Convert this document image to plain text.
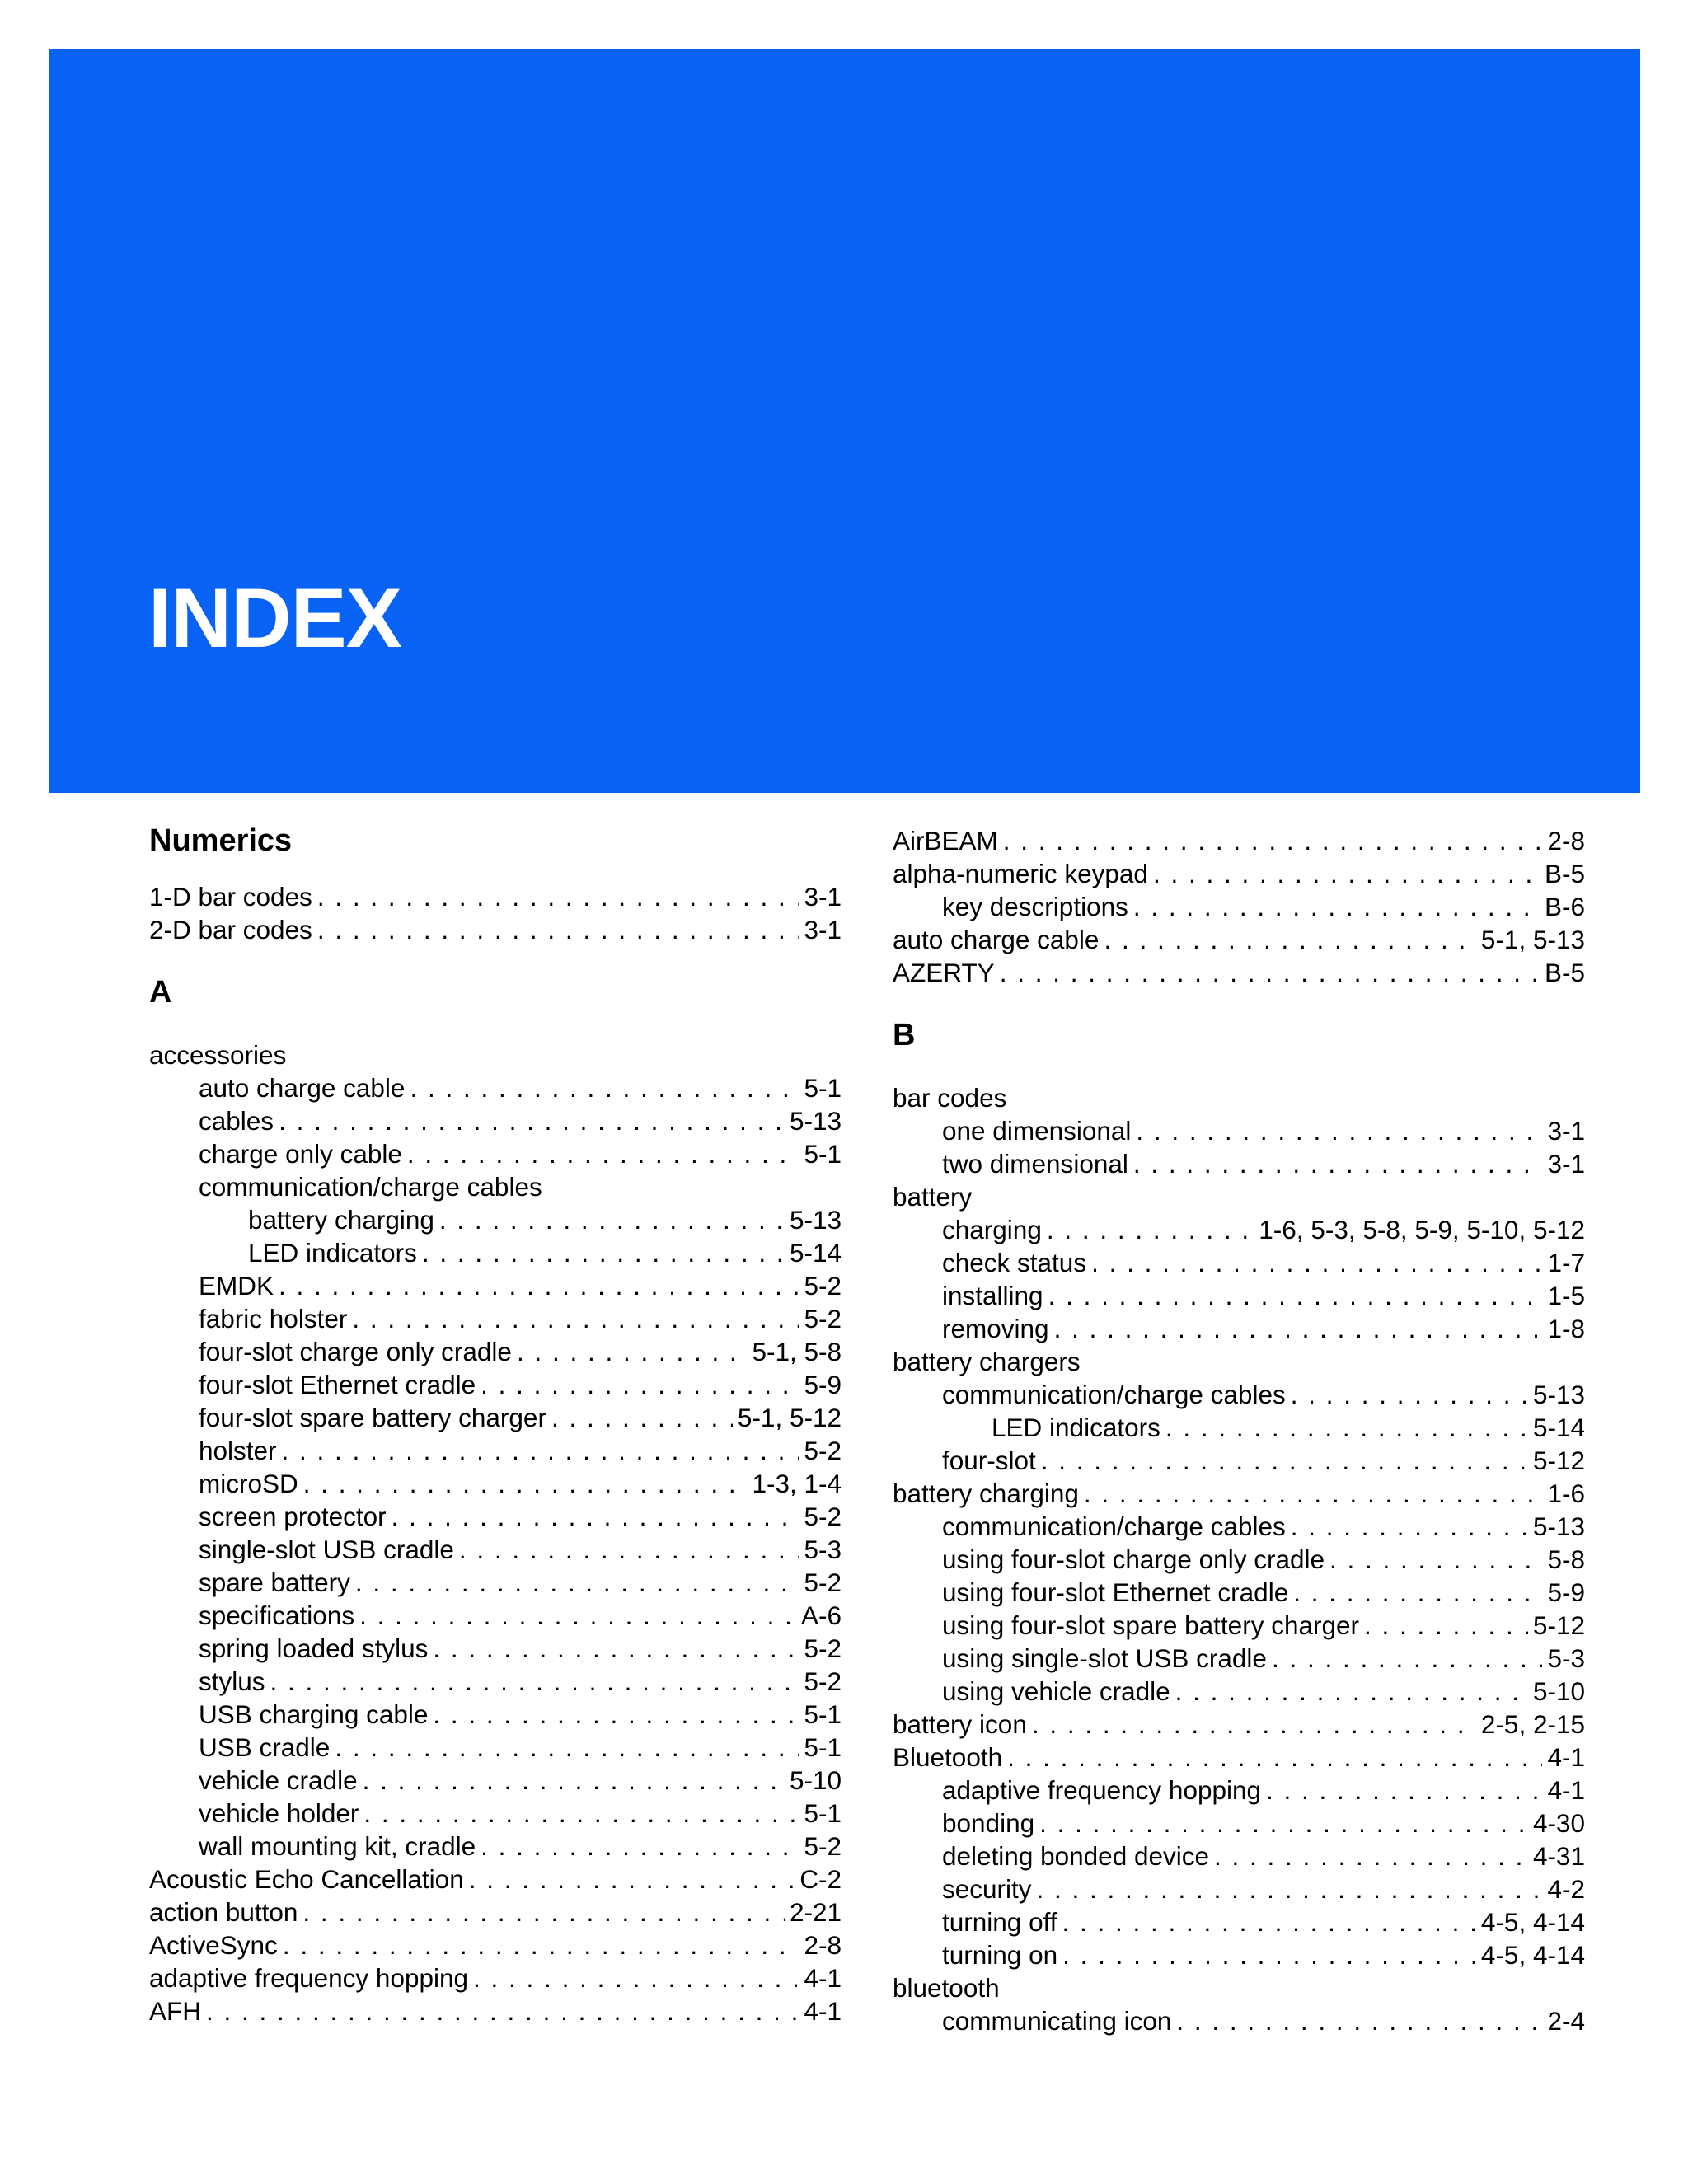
INDEX
Numerics
1-D bar codes . . .	3-1
2-D bar codes . . .	3-1
A
accessories
auto charge cable . . .	5-1
cables . . .	5-13
charge only cable . . .	5-1
communication/charge cables
battery charging . . .	5-13
LED indicators . . .	5-14
EMDK . . .	5-2
fabric holster . . .	5-2
four-slot charge only cradle . . .	5-1, 5-8
four-slot Ethernet cradle . . .	5-9
four-slot spare battery charger . . .	5-1, 5-12
holster . . .	5-2
microSD . . .	1-3, 1-4
screen protector . . .	5-2
single-slot USB cradle . . .	5-3
spare battery . . .	5-2
specifications . . .	A-6
spring loaded stylus . . .	5-2
stylus . . .	5-2
USB charging cable . . .	5-1
USB cradle . . .	5-1
vehicle cradle . . .	5-10
vehicle holder . . .	5-1
wall mounting kit, cradle . . .	5-2
Acoustic Echo Cancellation . . .	C-2
action button . . .	2-21
ActiveSync . . .	2-8
adaptive frequency hopping . . .	4-1
AFH . . .	4-1
AirBEAM . . .	2-8
alpha-numeric keypad . . .	B-5
key descriptions . . .	B-6
auto charge cable . . .	5-1, 5-13
AZERTY . . .	B-5
B
bar codes
one dimensional . . .	3-1
two dimensional . . .	3-1
battery
charging . . .	1-6, 5-3, 5-8, 5-9, 5-10, 5-12
check status . . .	1-7
installing . . .	1-5
removing . . .	1-8
battery chargers
communication/charge cables . . .	5-13
LED indicators . . .	5-14
four-slot . . .	5-12
battery charging . . .	1-6
communication/charge cables . . .	5-13
using four-slot charge only cradle . . .	5-8
using four-slot Ethernet cradle . . .	5-9
using four-slot spare battery charger . . .	5-12
using single-slot USB cradle . . .	5-3
using vehicle cradle . . .	5-10
battery icon . . .	2-5, 2-15
Bluetooth . . .	4-1
adaptive frequency hopping . . .	4-1
bonding . . .	4-30
deleting bonded device . . .	4-31
security . . .	4-2
turning off . . .	4-5, 4-14
turning on . . .	4-5, 4-14
bluetooth
communicating icon . . .	2-4
